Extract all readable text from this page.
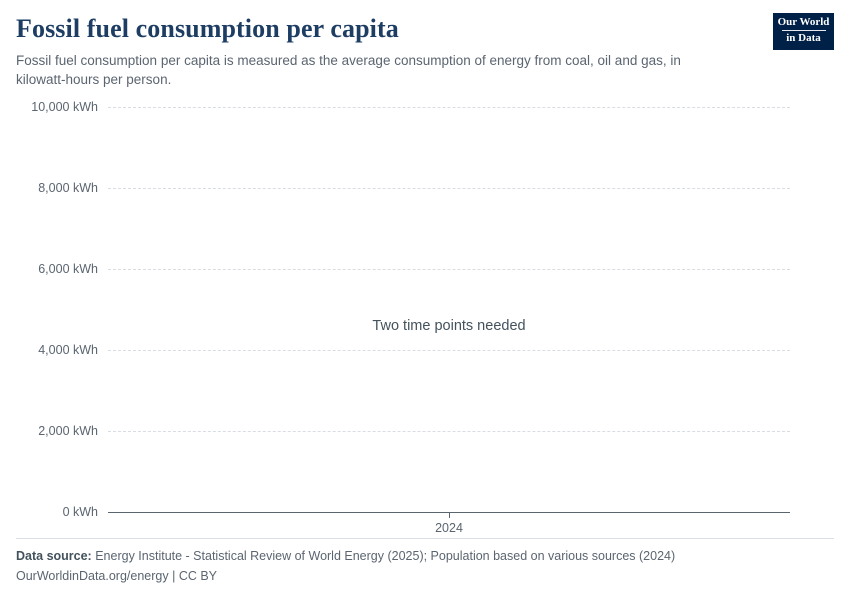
Fossil fuel consumption per capita

Fossil fuel consumption per capita is measured as the average consumption of energy from coal, oil and gas, in kilowatt-hours per person.

Our World
in Data
0 kWh
2,000 kWh
4,000 kWh
6,000 kWh
8,000 kWh
10,000 kWh
2024
Two time points needed
Data source: Energy Institute - Statistical Review of World Energy (2025); Population based on various sources (2024)
OurWorldinData.org/energy | CC BY
